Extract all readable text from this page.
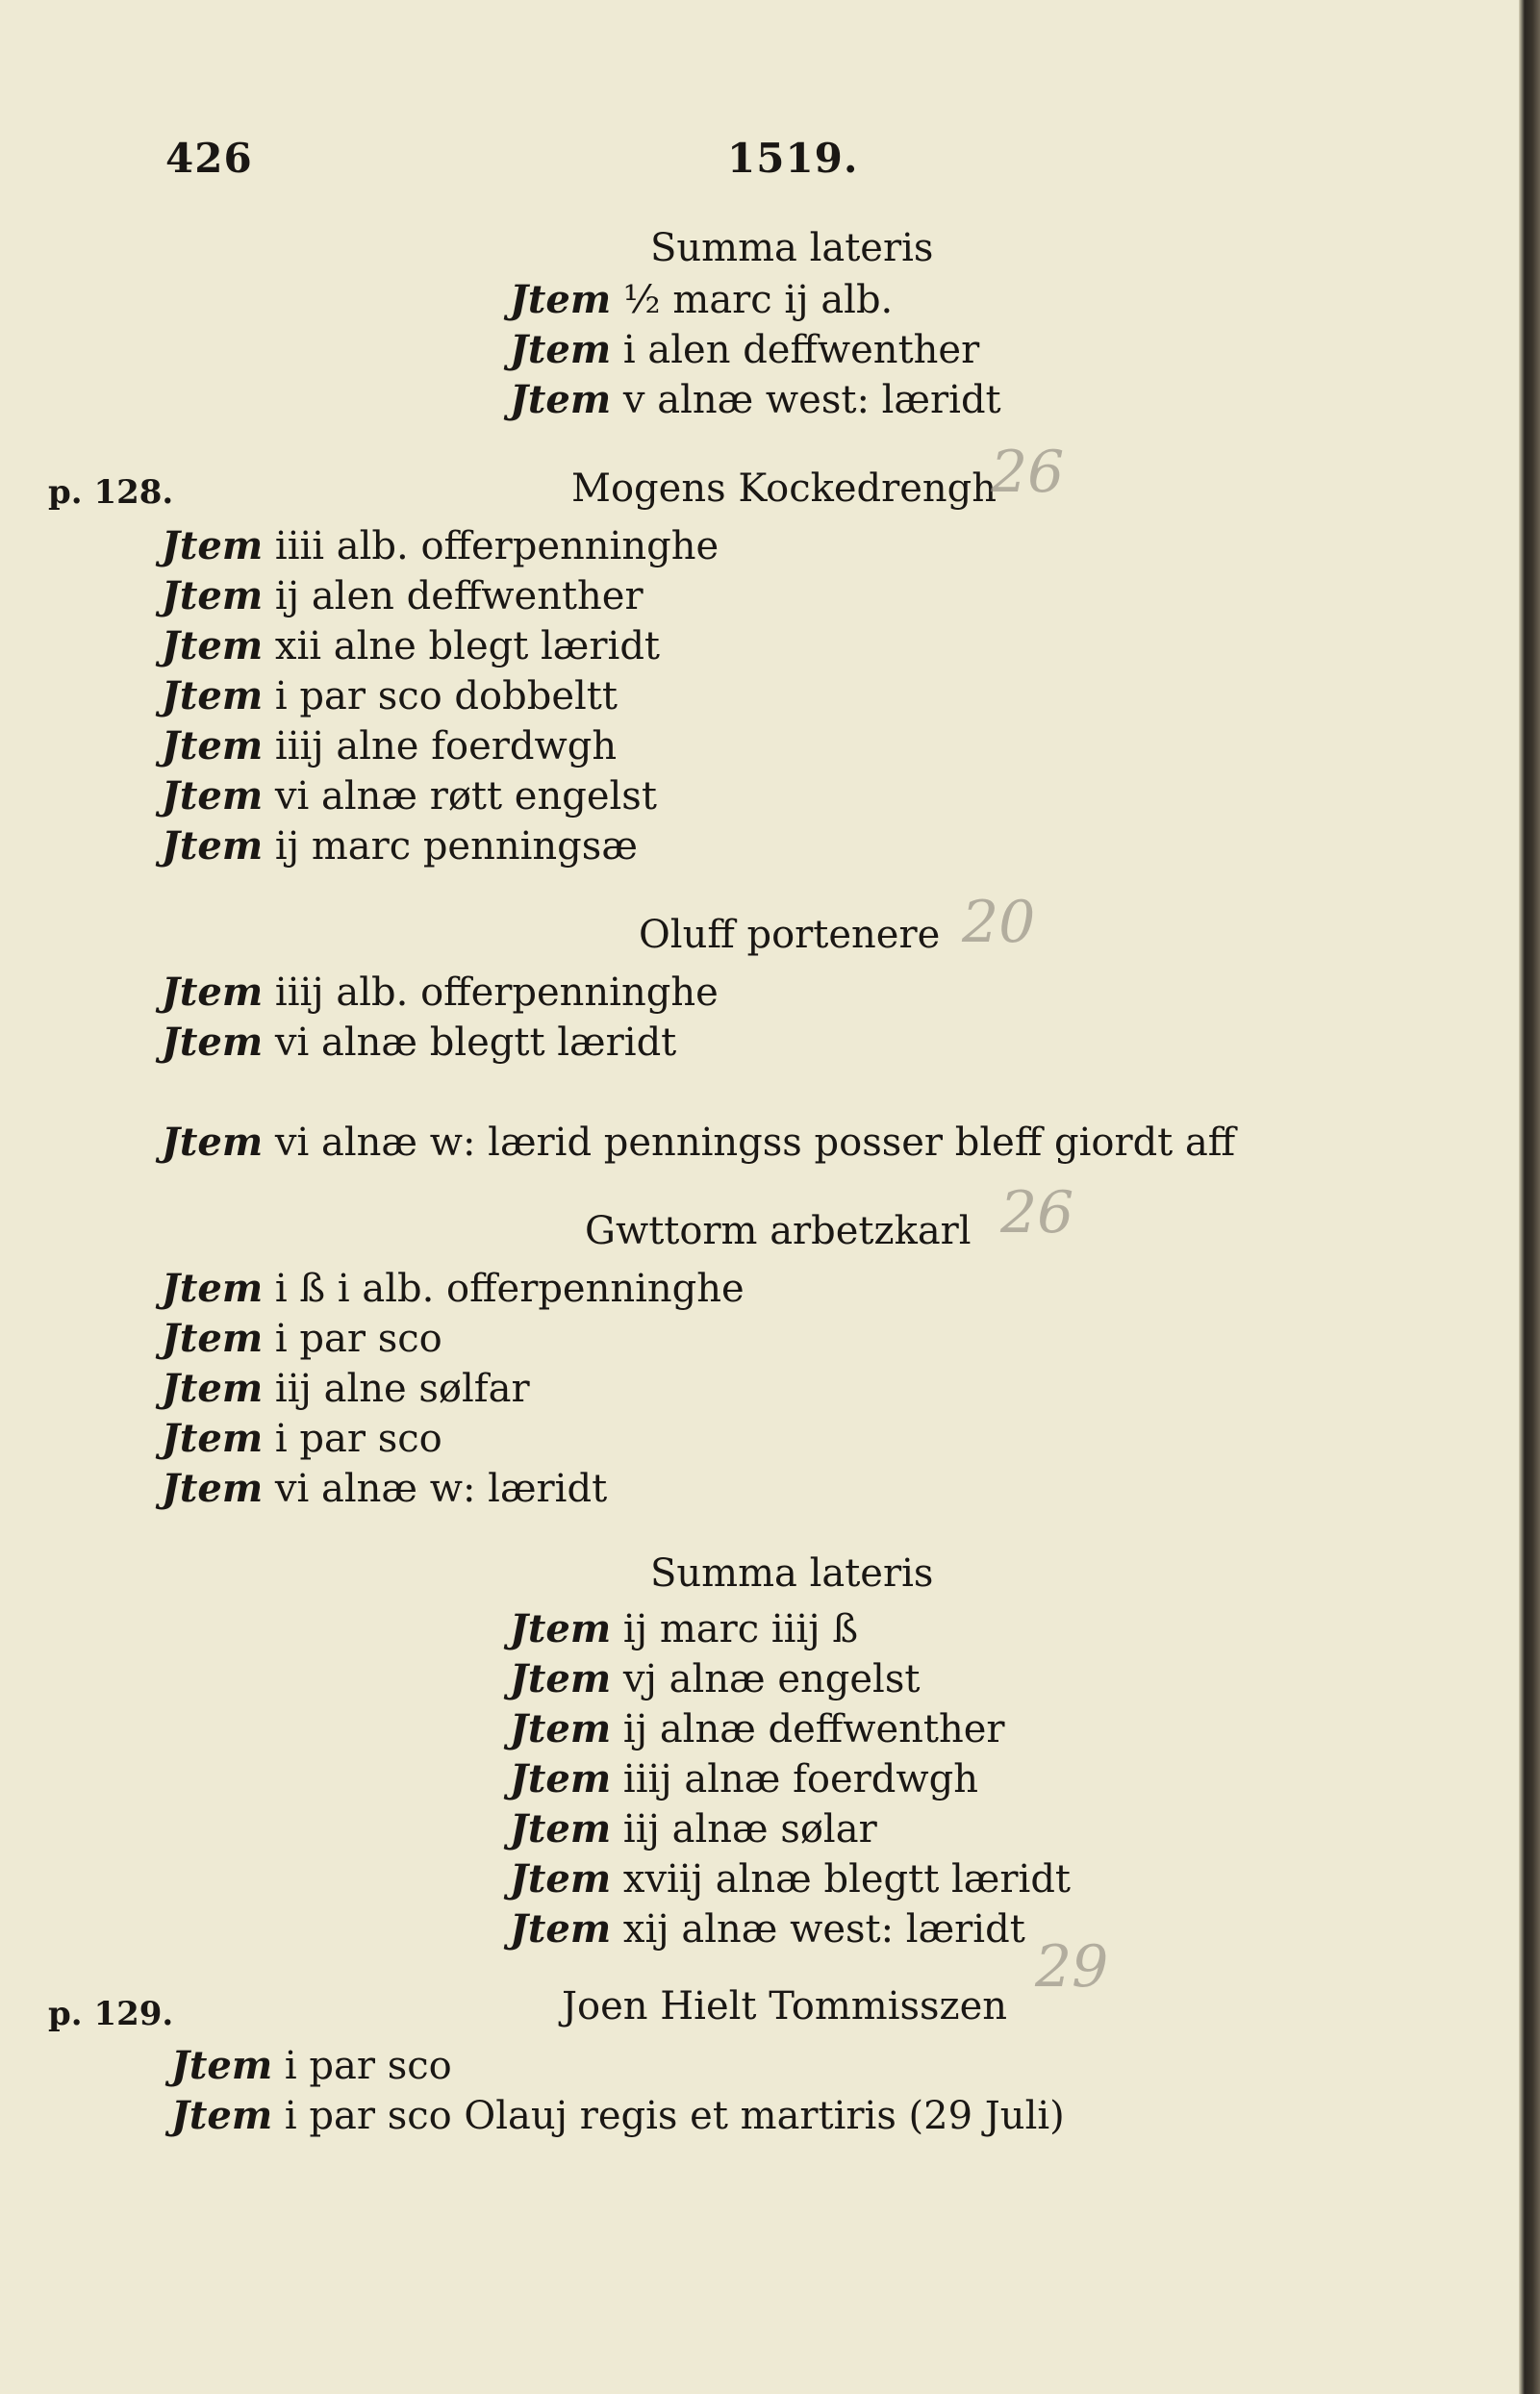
426	1519.
Summa lateris
Jtem ½ marc ij alb.
Jtem i alen deffwenther
Jtem v alnæ west: læridt
Mogens Kockedrengh
Jtem iiii alb. offerpenninghe
Jtem ij alen deffwenther
Jtem xii alne blegt læridt
Jtem i par sco dobbeltt
Jtem iiij alne foerdwgh
Jtem vi alnæ røtt engelst
Jtem ij marc penningsæ
Oluff portenere
Jtem iiij alb. offerpenninghe
Jtem vi alnæ blegtt læridt
Jtem vi alnæ w: lærid penningss posser bleff giordt aff
Gwttorm arbetzkarl
Jtem i ß i alb. offerpenninghe
Jtem i par sco
Jtem iij alne sølfar
Jtem i par sco
Jtem vi alnæ w: læridt
Summa lateris
Jtem ij marc iiij ß
Jtem vj alnæ engelst
Jtem ij alnæ deffwenther
Jtem iiij alnæ foerdwgh
Jtem iij alnæ sølar
Jtem xviij alnæ blegtt læridt
Jtem xij alnæ west: læridt
Joen Hielt Tommisszen
Jtem i par sco
Jtem i par sco Olauj regis et martiris (29 Juli)
p. 128.
p. 129.
26
20
26
29
